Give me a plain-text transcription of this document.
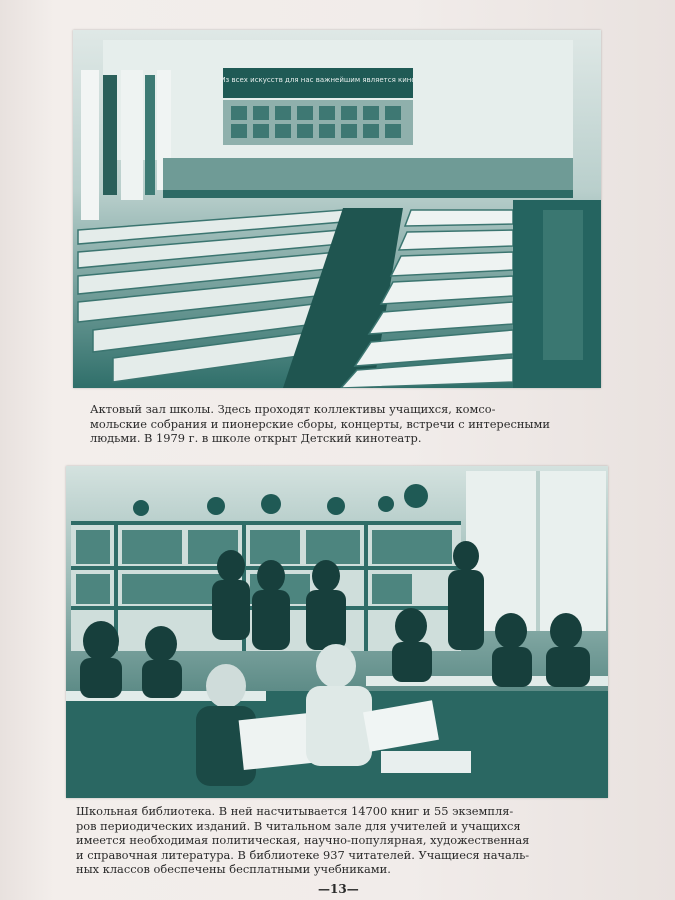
Из всех искусств для нас важнейшим является кино
Актовый зал школы. Здесь проходят коллективы учащихся, комсо-
мольские собрания и пионерские сборы, концерты, встречи с интересными
людьми. В 1979 г. в школе открыт Детский кинотеатр.
Школьная библиотека. В ней насчитывается 14700 книг и 55 экземпля-
ров периодических изданий. В читальном зале для учителей и учащихся
имеется необходимая политическая, научно-популярная, художественная
и справочная литература. В библиотеке 937 читателей. Учащиеся началь-
ных классов обеспечены бесплатными учебниками.
—13—
